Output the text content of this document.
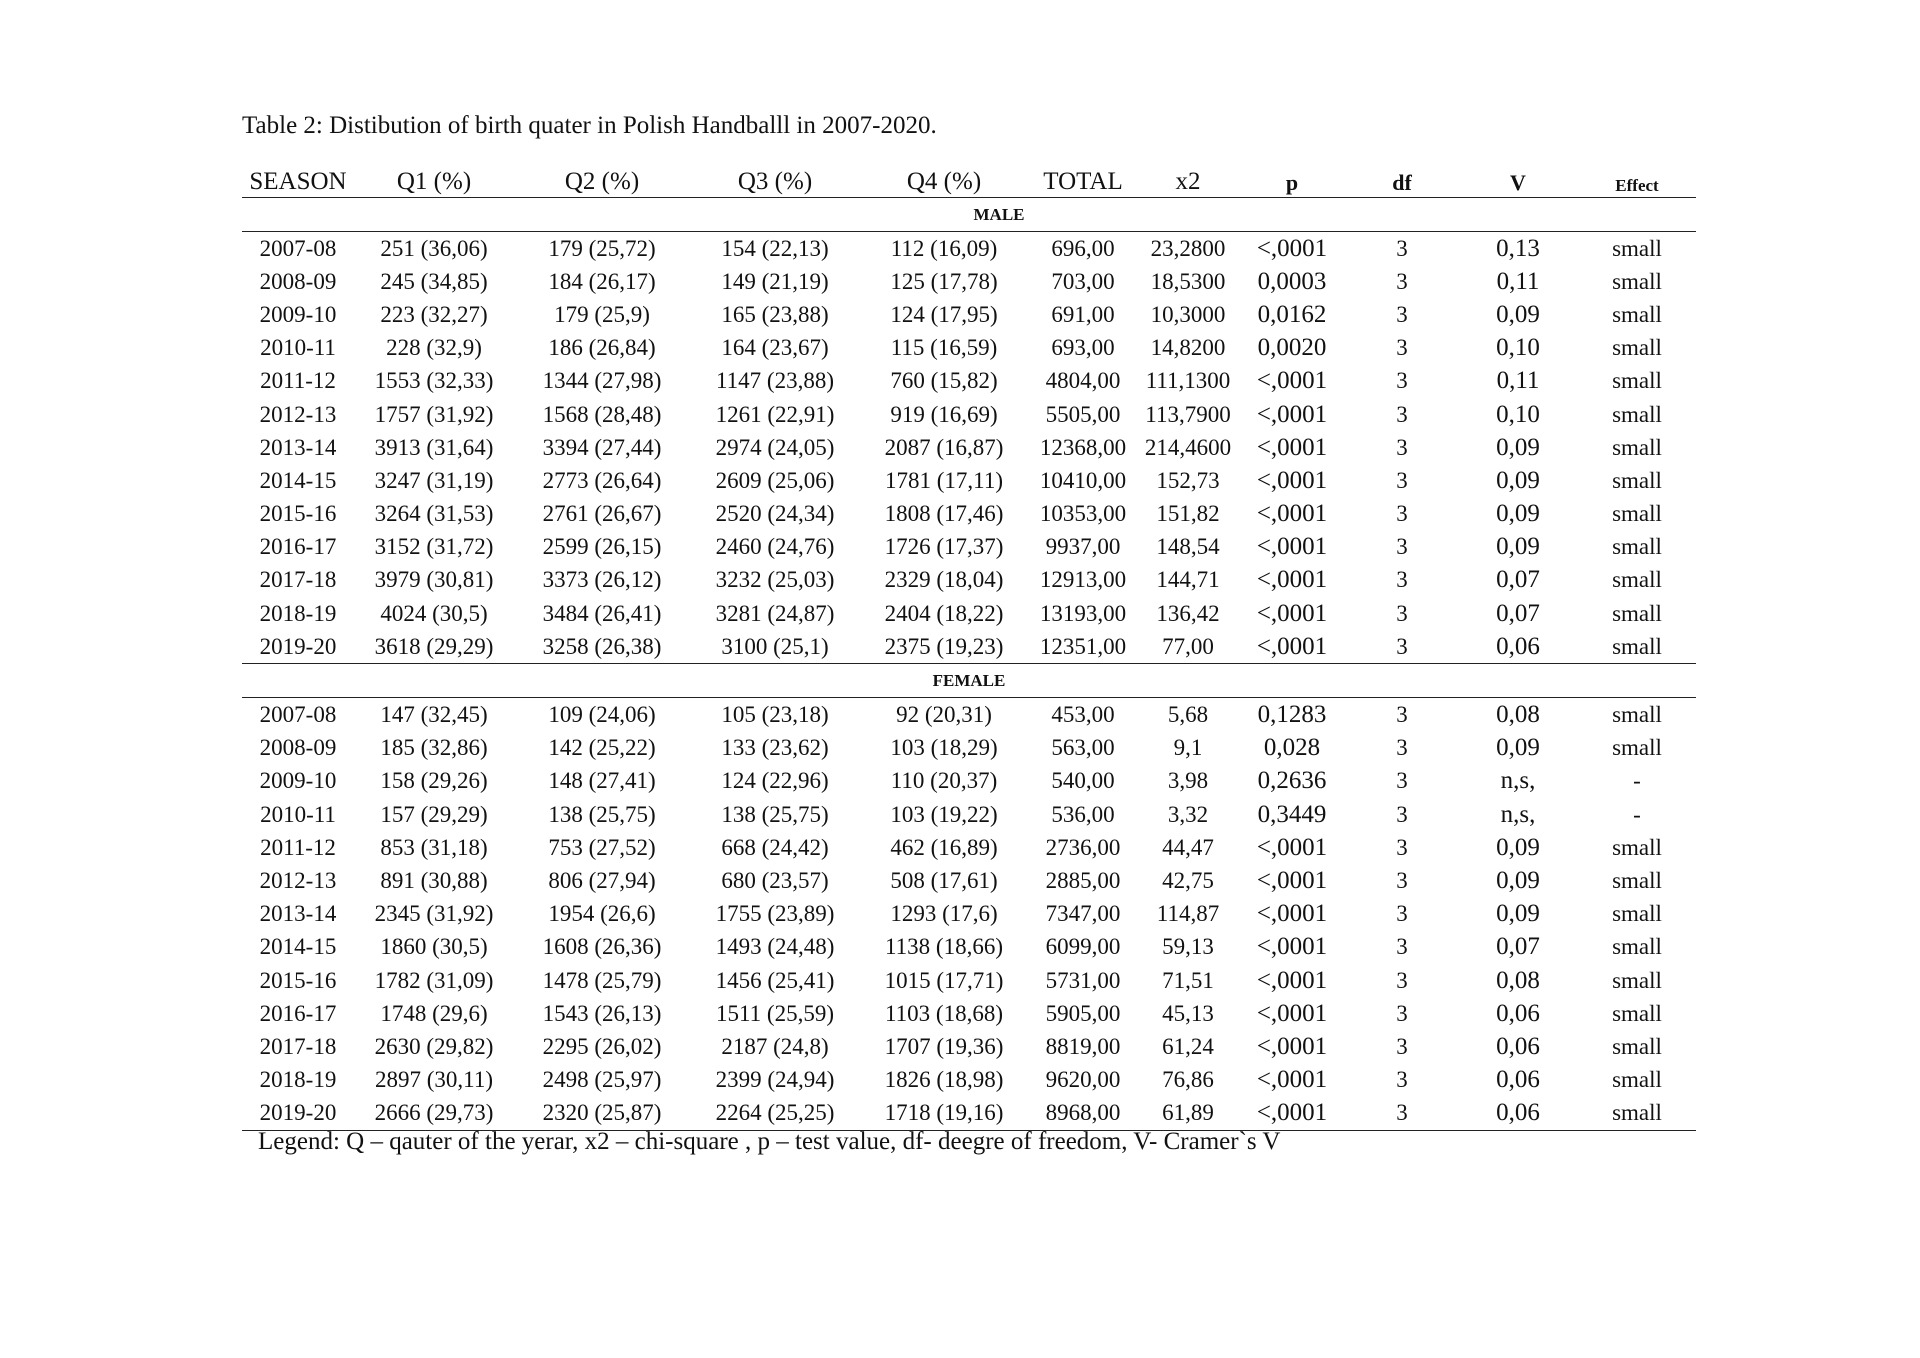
Table 2: Distibution of birth quater in Polish Handballl in 2007-2020.
SEASON	Q1 (%)	Q2 (%)	Q3 (%)	Q4 (%)	TOTAL	x2	p	df	V	Effect
MALE										
2007-08	251 (36,06)	179 (25,72)	154 (22,13)	112 (16,09)	696,00	23,2800	<,0001	3	0,13	small
2008-09	245 (34,85)	184 (26,17)	149 (21,19)	125 (17,78)	703,00	18,5300	0,0003	3	0,11	small
2009-10	223 (32,27)	179 (25,9)	165 (23,88)	124 (17,95)	691,00	10,3000	0,0162	3	0,09	small
2010-11	228 (32,9)	186 (26,84)	164 (23,67)	115 (16,59)	693,00	14,8200	0,0020	3	0,10	small
2011-12	1553 (32,33)	1344 (27,98)	1147 (23,88)	760 (15,82)	4804,00	111,1300	<,0001	3	0,11	small
2012-13	1757 (31,92)	1568 (28,48)	1261 (22,91)	919 (16,69)	5505,00	113,7900	<,0001	3	0,10	small
2013-14	3913 (31,64)	3394 (27,44)	2974 (24,05)	2087 (16,87)	12368,00	214,4600	<,0001	3	0,09	small
2014-15	3247 (31,19)	2773 (26,64)	2609 (25,06)	1781 (17,11)	10410,00	152,73	<,0001	3	0,09	small
2015-16	3264 (31,53)	2761 (26,67)	2520 (24,34)	1808 (17,46)	10353,00	151,82	<,0001	3	0,09	small
2016-17	3152 (31,72)	2599 (26,15)	2460 (24,76)	1726 (17,37)	9937,00	148,54	<,0001	3	0,09	small
2017-18	3979 (30,81)	3373 (26,12)	3232 (25,03)	2329 (18,04)	12913,00	144,71	<,0001	3	0,07	small
2018-19	4024 (30,5)	3484 (26,41)	3281 (24,87)	2404 (18,22)	13193,00	136,42	<,0001	3	0,07	small
2019-20	3618 (29,29)	3258 (26,38)	3100 (25,1)	2375 (19,23)	12351,00	77,00	<,0001	3	0,06	small
FEMALE										
2007-08	147 (32,45)	109 (24,06)	105 (23,18)	92 (20,31)	453,00	5,68	0,1283	3	0,08	small
2008-09	185 (32,86)	142 (25,22)	133 (23,62)	103 (18,29)	563,00	9,1	0,028	3	0,09	small
2009-10	158 (29,26)	148 (27,41)	124 (22,96)	110 (20,37)	540,00	3,98	0,2636	3	n,s,	-
2010-11	157 (29,29)	138 (25,75)	138 (25,75)	103 (19,22)	536,00	3,32	0,3449	3	n,s,	-
2011-12	853 (31,18)	753 (27,52)	668 (24,42)	462 (16,89)	2736,00	44,47	<,0001	3	0,09	small
2012-13	891 (30,88)	806 (27,94)	680 (23,57)	508 (17,61)	2885,00	42,75	<,0001	3	0,09	small
2013-14	2345 (31,92)	1954 (26,6)	1755 (23,89)	1293 (17,6)	7347,00	114,87	<,0001	3	0,09	small
2014-15	1860 (30,5)	1608 (26,36)	1493 (24,48)	1138 (18,66)	6099,00	59,13	<,0001	3	0,07	small
2015-16	1782 (31,09)	1478 (25,79)	1456 (25,41)	1015 (17,71)	5731,00	71,51	<,0001	3	0,08	small
2016-17	1748 (29,6)	1543 (26,13)	1511 (25,59)	1103 (18,68)	5905,00	45,13	<,0001	3	0,06	small
2017-18	2630 (29,82)	2295 (26,02)	2187 (24,8)	1707 (19,36)	8819,00	61,24	<,0001	3	0,06	small
2018-19	2897 (30,11)	2498 (25,97)	2399 (24,94)	1826 (18,98)	9620,00	76,86	<,0001	3	0,06	small
2019-20	2666 (29,73)	2320 (25,87)	2264 (25,25)	1718 (19,16)	8968,00	61,89	<,0001	3	0,06	small
Legend: Q – qauter of the yerar, x2 – chi-square , p – test value, df- deegre of freedom, V- Cramer`s V
